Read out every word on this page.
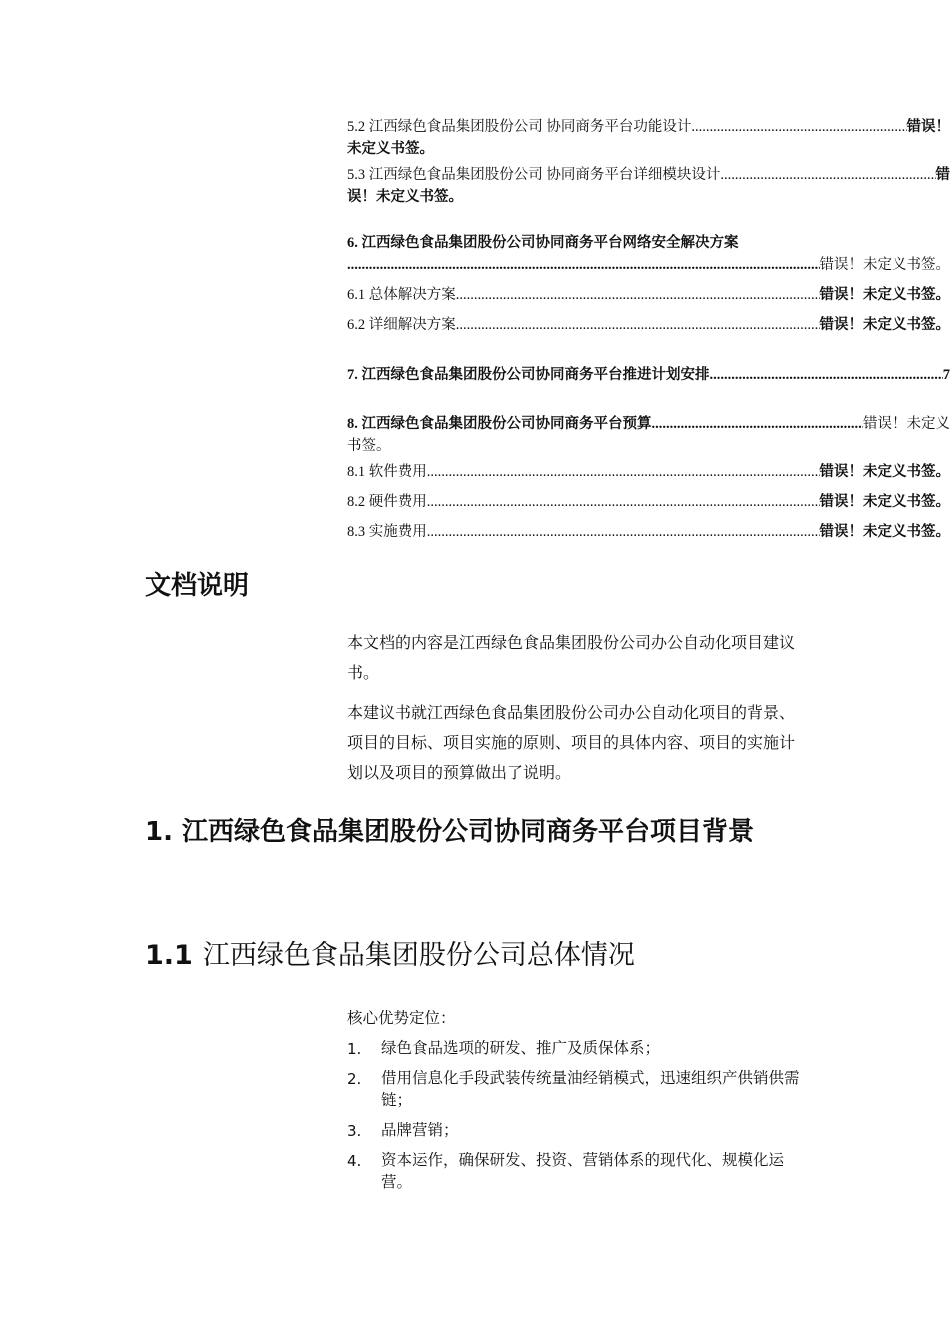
5.2 江西绿色食品集团股份公司 协同商务平台功能设计 .....	错误！
未定义书签。
5.3 江西绿色食品集团股份公司 协同商务平台详细模块设计 .....	错
误！未定义书签。
6. 江西绿色食品集团股份公司协同商务平台网络安全解决方案
.....
错误！未定义书签。
6.1 总体解决方案 .....	错误！未定义书签。
6.2 详细解决方案 .....	错误！未定义书签。
7. 江西绿色食品集团股份公司协同商务平台推进计划安排 .....	7
8. 江西绿色食品集团股份公司协同商务平台预算 .....	错误！未定义
书签。
8.1 软件费用 .....	错误！未定义书签。
8.2 硬件费用 .....	错误！未定义书签。
8.3 实施费用 .....	错误！未定义书签。
文档说明
本文档的内容是江西绿色食品集团股份公司办公自动化项目建议书。
本建议书就江西绿色食品集团股份公司办公自动化项目的背景、项目的目标、项目实施的原则、项目的具体内容、项目的实施计划以及项目的预算做出了说明。
1. 江西绿色食品集团股份公司协同商务平台项目背景
1.1 江西绿色食品集团股份公司总体情况
核心优势定位：
1.	绿色食品选项的研发、推广及质保体系；
2.	借用信息化手段武装传统量油经销模式，迅速组织产供销供需链；
3.	品牌营销；
4.	资本运作，确保研发、投资、营销体系的现代化、规模化运营。
